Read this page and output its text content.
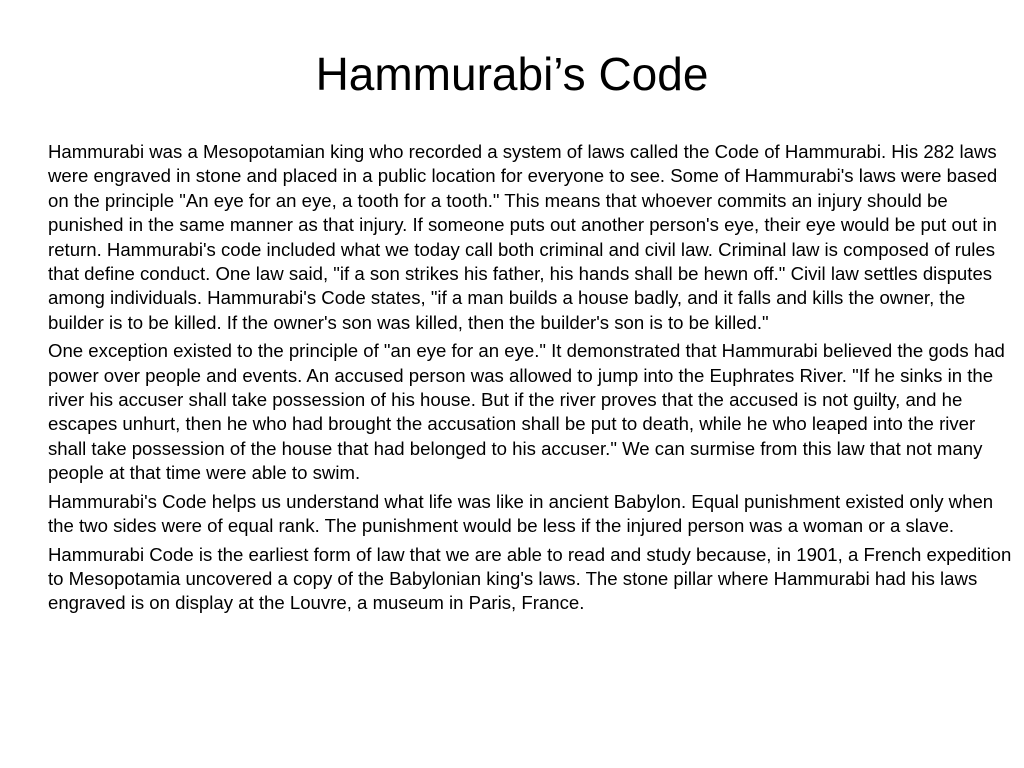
Hammurabi’s Code

Hammurabi was a Mesopotamian king who recorded a system of laws called the Code of Hammurabi. His 282 laws were engraved in stone and placed in a public location for everyone to see. Some of Hammurabi's laws were based on the principle "An eye for an eye, a tooth for a tooth." This means that whoever commits an injury should be punished in the same manner as that injury. If someone puts out another person's eye, their eye would be put out in return. Hammurabi's code included what we today call both criminal and civil law. Criminal law is composed of rules that define conduct. One law said, "if a son strikes his father, his hands shall be hewn off." Civil law settles disputes among individuals. Hammurabi's Code states, "if a man builds a house badly, and it falls and kills the owner, the builder is to be killed. If the owner's son was killed, then the builder's son is to be killed."

One exception existed to the principle of "an eye for an eye." It demonstrated that Hammurabi believed the gods had power over people and events. An accused person was allowed to jump into the Euphrates River. "If he sinks in the river his accuser shall take possession of his house. But if the river proves that the accused is not guilty, and he escapes unhurt, then he who had brought the accusation shall be put to death, while he who leaped into the river shall take possession of the house that had belonged to his accuser." We can surmise from this law that not many people at that time were able to swim.

Hammurabi's Code helps us understand what life was like in ancient Babylon. Equal punishment existed only when the two sides were of equal rank. The punishment would be less if the injured person was a woman or a slave.

Hammurabi Code is the earliest form of law that we are able to read and study because, in 1901, a French expedition to Mesopotamia uncovered a copy of the Babylonian king's laws. The stone pillar where Hammurabi had his laws engraved is on display at the Louvre, a museum in Paris, France.
